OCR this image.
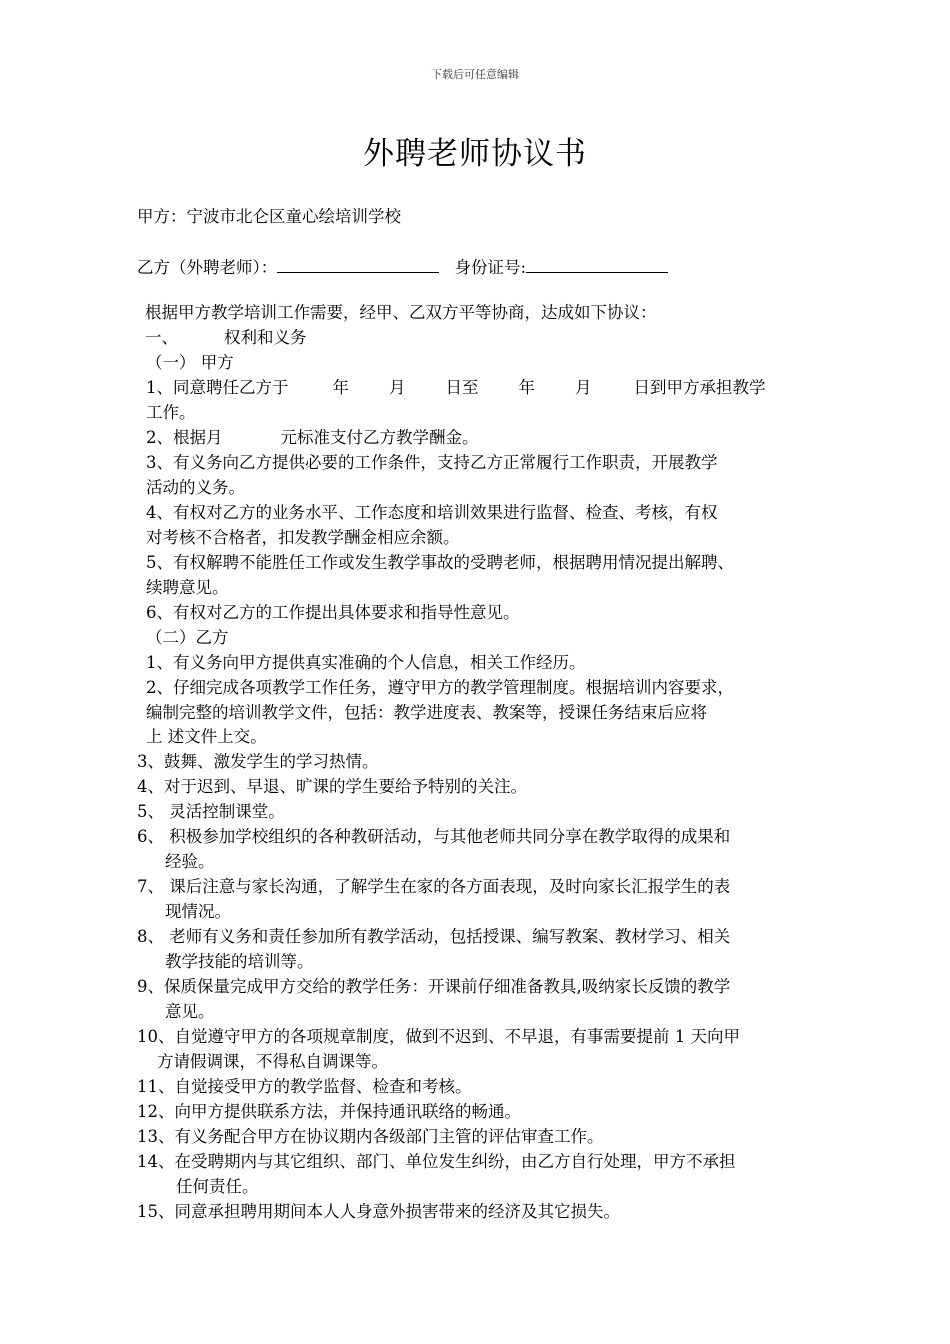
下载后可任意编辑
外聘老师协议书
甲方：宁波市北仑区童心绘培训学校
乙方（外聘老师）：	身份证号:
根据甲方教学培训工作需要，经甲、乙双方平等协商，达成如下协议：
一、	权利和义务
（一） 甲方
1、同意聘任乙方于	年 月 日至 年 月	日到甲方承担教学
工作。
2、根据月	元标准支付乙方教学酬金。
3、有义务向乙方提供必要的工作条件，支持乙方正常履行工作职责，开展教学
活动的义务。
4、有权对乙方的业务水平、工作态度和培训效果进行监督、检查、考核，有权
对考核不合格者，扣发教学酬金相应余额。
5、有权解聘不能胜任工作或发生教学事故的受聘老师，根据聘用情况提出解聘、
续聘意见。
6、有权对乙方的工作提出具体要求和指导性意见。
（二）乙方
1、有义务向甲方提供真实准确的个人信息，相关工作经历。
2、仔细完成各项教学工作任务，遵守甲方的教学管理制度。根据培训内容要求，
编制完整的培训教学文件，包括：教学进度表、教案等，授课任务结束后应将
上 述文件上交。
3、鼓舞、激发学生的学习热情。
4、对于迟到、早退、旷课的学生要给予特别的关注。
5、 灵活控制课堂。
6、 积极参加学校组织的各种教研活动，与其他老师共同分享在教学取得的成果和
经验。
7、 课后注意与家长沟通，了解学生在家的各方面表现，及时向家长汇报学生的表
现情况。
8、 老师有义务和责任参加所有教学活动，包括授课、编写教案、教材学习、相关
教学技能的培训等。
9、保质保量完成甲方交给的教学任务：开课前仔细准备教具,吸纳家长反馈的教学
意见。
10、自觉遵守甲方的各项规章制度，做到不迟到、不早退，有事需要提前 1 天向甲
方请假调课，不得私自调课等。
11、自觉接受甲方的教学监督、检查和考核。
12、向甲方提供联系方法，并保持通讯联络的畅通。
13、有义务配合甲方在协议期内各级部门主管的评估审查工作。
14、在受聘期内与其它组织、部门、单位发生纠纷，由乙方自行处理，甲方不承担
任何责任。
15、同意承担聘用期间本人人身意外损害带来的经济及其它损失。
